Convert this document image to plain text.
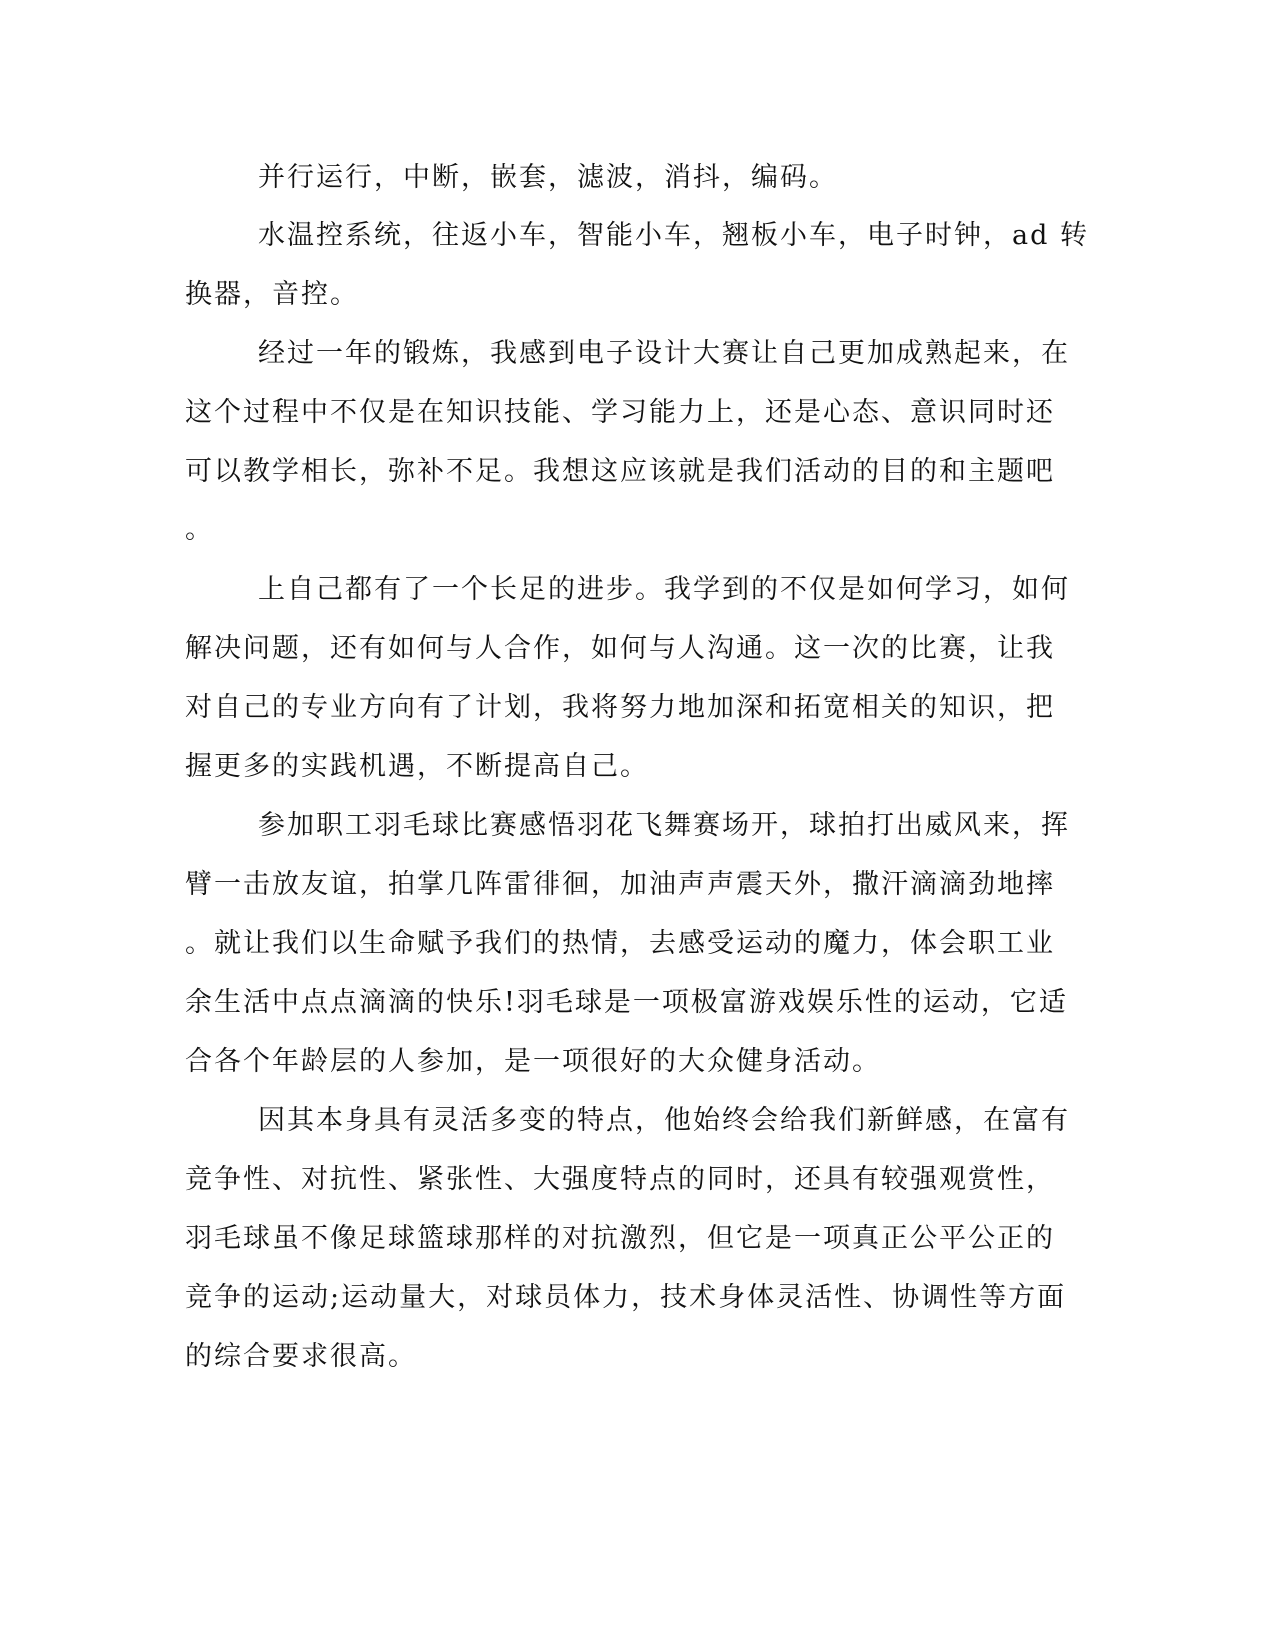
并行运行，中断，嵌套，滤波，消抖，编码。
水温控系统，往返小车，智能小车，翘板小车，电子时钟，ad 转
换器，音控。
经过一年的锻炼，我感到电子设计大赛让自己更加成熟起来，在
这个过程中不仅是在知识技能、学习能力上，还是心态、意识同时还
可以教学相长，弥补不足。我想这应该就是我们活动的目的和主题吧
。
上自己都有了一个长足的进步。我学到的不仅是如何学习，如何
解决问题，还有如何与人合作，如何与人沟通。这一次的比赛，让我
对自己的专业方向有了计划，我将努力地加深和拓宽相关的知识，把
握更多的实践机遇，不断提高自己。
参加职工羽毛球比赛感悟羽花飞舞赛场开，球拍打出威风来，挥
臂一击放友谊，拍掌几阵雷徘徊，加油声声震天外，撒汗滴滴劲地摔
。就让我们以生命赋予我们的热情，去感受运动的魔力，体会职工业
余生活中点点滴滴的快乐!羽毛球是一项极富游戏娱乐性的运动，它适
合各个年龄层的人参加，是一项很好的大众健身活动。
因其本身具有灵活多变的特点，他始终会给我们新鲜感，在富有
竞争性、对抗性、紧张性、大强度特点的同时，还具有较强观赏性，
羽毛球虽不像足球篮球那样的对抗激烈，但它是一项真正公平公正的
竞争的运动;运动量大，对球员体力，技术身体灵活性、协调性等方面
的综合要求很高。
